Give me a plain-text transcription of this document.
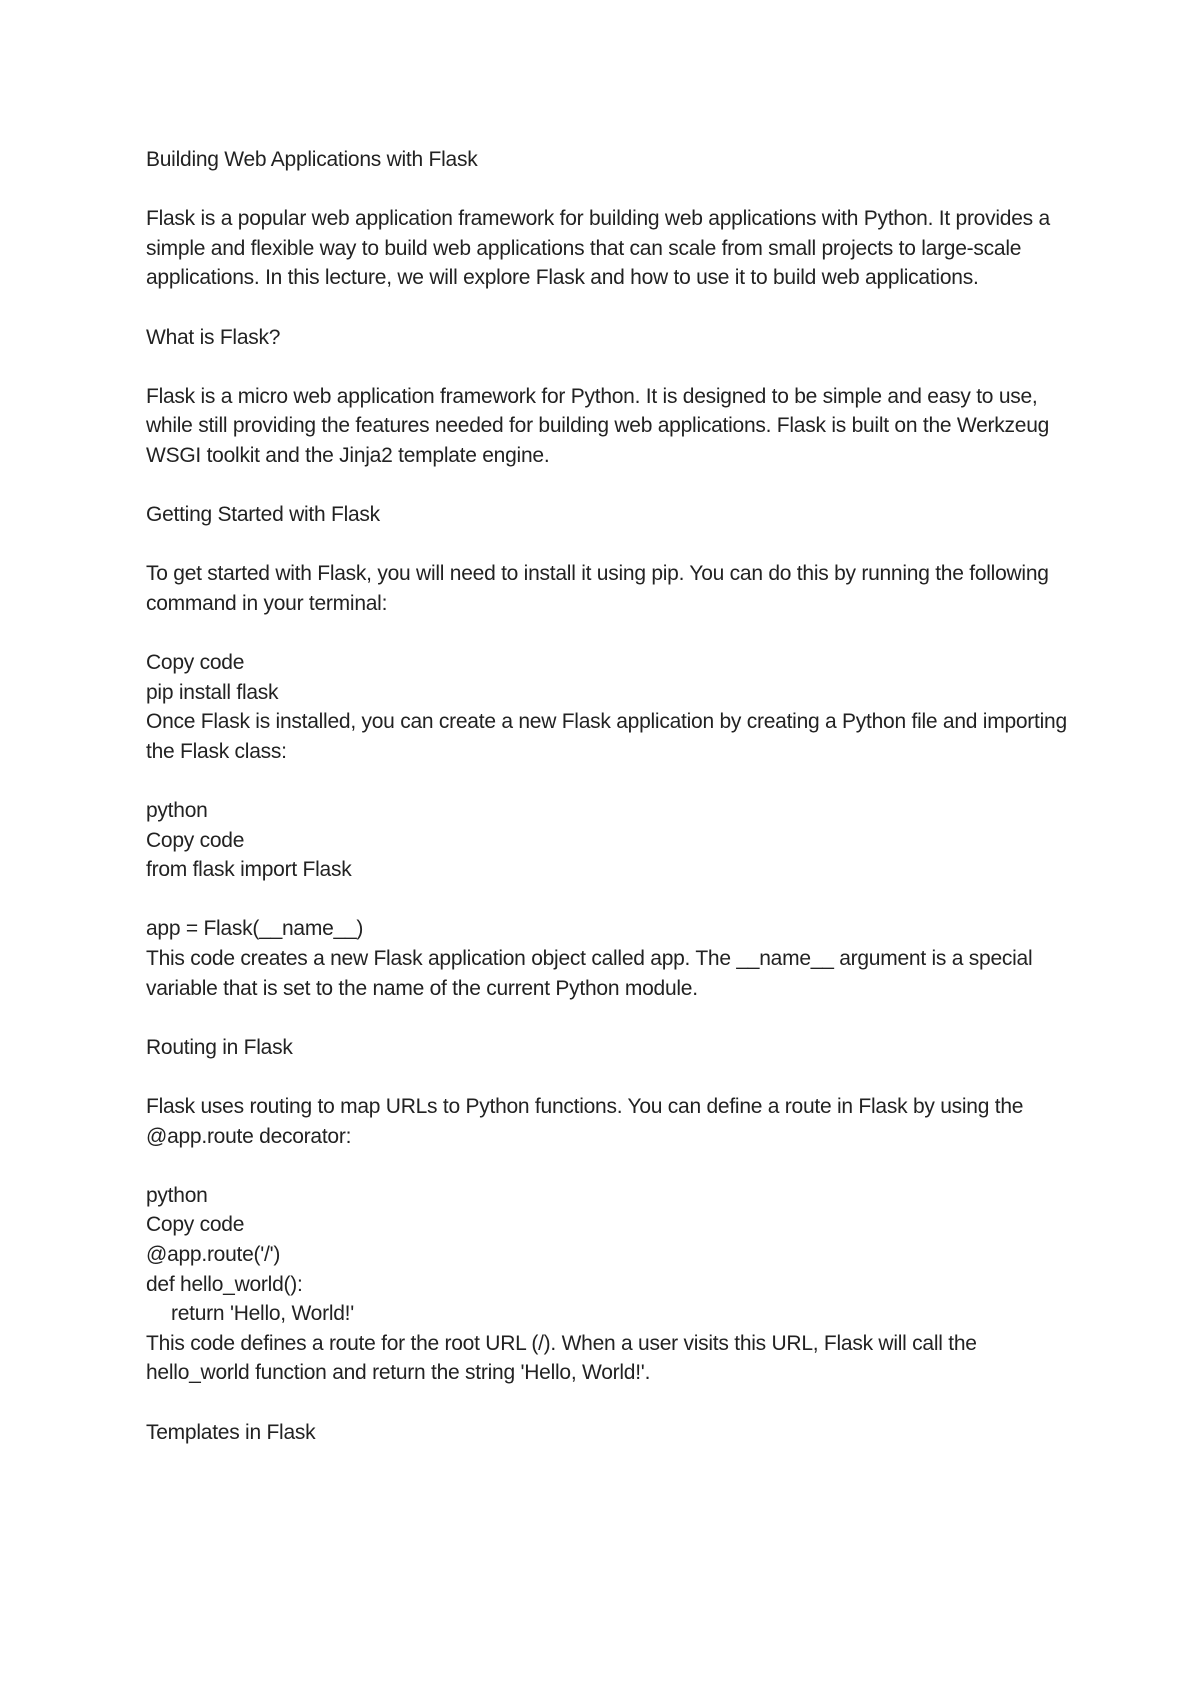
Building Web Applications with Flask

Flask is a popular web application framework for building web applications with Python. It provides a simple and flexible way to build web applications that can scale from small projects to large-scale applications. In this lecture, we will explore Flask and how to use it to build web applications.

What is Flask?

Flask is a micro web application framework for Python. It is designed to be simple and easy to use, while still providing the features needed for building web applications. Flask is built on the Werkzeug WSGI toolkit and the Jinja2 template engine.

Getting Started with Flask

To get started with Flask, you will need to install it using pip. You can do this by running the following command in your terminal:

Copy code

pip install flask

Once Flask is installed, you can create a new Flask application by creating a Python file and importing the Flask class:

python

Copy code

from flask import Flask

app = Flask(__name__)

This code creates a new Flask application object called app. The __name__ argument is a special variable that is set to the name of the current Python module.

Routing in Flask

Flask uses routing to map URLs to Python functions. You can define a route in Flask by using the @app.route decorator:

python

Copy code

@app.route('/')

def hello_world():

return 'Hello, World!'

This code defines a route for the root URL (/). When a user visits this URL, Flask will call the hello_world function and return the string 'Hello, World!'.

Templates in Flask
